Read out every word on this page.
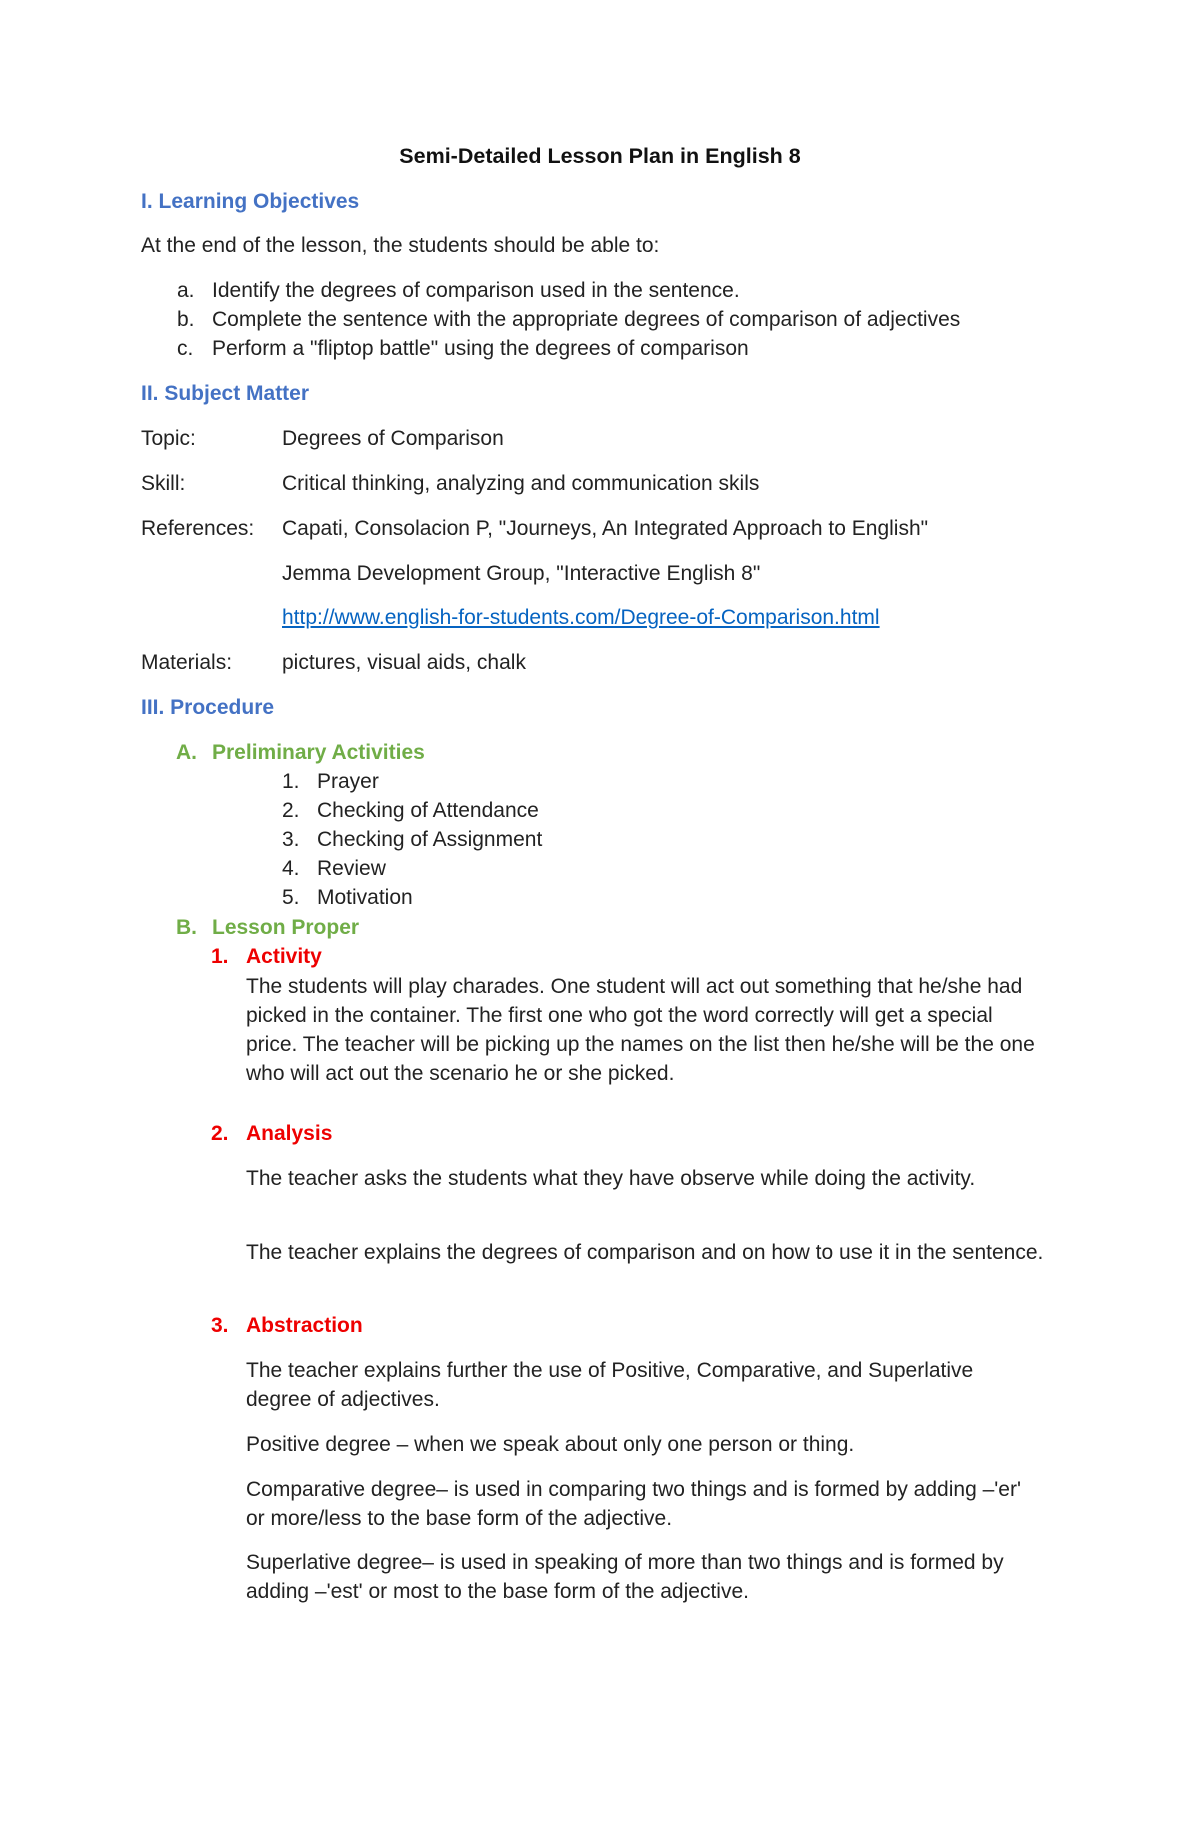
Semi-Detailed Lesson Plan in English 8
I. Learning Objectives
At the end of the lesson, the students should be able to:
a. Identify the degrees of comparison used in the sentence.
b. Complete the sentence with the appropriate degrees of comparison of adjectives
c. Perform a "fliptop battle" using the degrees of comparison
II. Subject Matter
Topic:	Degrees of Comparison
Skill:	Critical thinking, analyzing and communication skils
References: Capati, Consolacion P, "Journeys, An Integrated Approach to English"
Jemma Development Group, "Interactive English 8"
http://www.english-for-students.com/Degree-of-Comparison.html
Materials: pictures, visual aids, chalk
III. Procedure
A. Preliminary Activities
1. Prayer
2. Checking of Attendance
3. Checking of Assignment
4. Review
5. Motivation
B. Lesson Proper
1. Activity
The students will play charades. One student will act out something that he/she had picked in the container. The first one who got the word correctly will get a special price. The teacher will be picking up the names on the list then he/she will be the one who will act out the scenario he or she picked.
2. Analysis
The teacher asks the students what they have observe while doing the activity.
The teacher explains the degrees of comparison and on how to use it in the sentence.
3. Abstraction
The teacher explains further the use of Positive, Comparative, and Superlative degree of adjectives.
Positive degree – when we speak about only one person or thing.
Comparative degree– is used in comparing two things and is formed by adding –'er' or more/less to the base form of the adjective.
Superlative degree– is used in speaking of more than two things and is formed by adding –'est' or most to the base form of the adjective.
